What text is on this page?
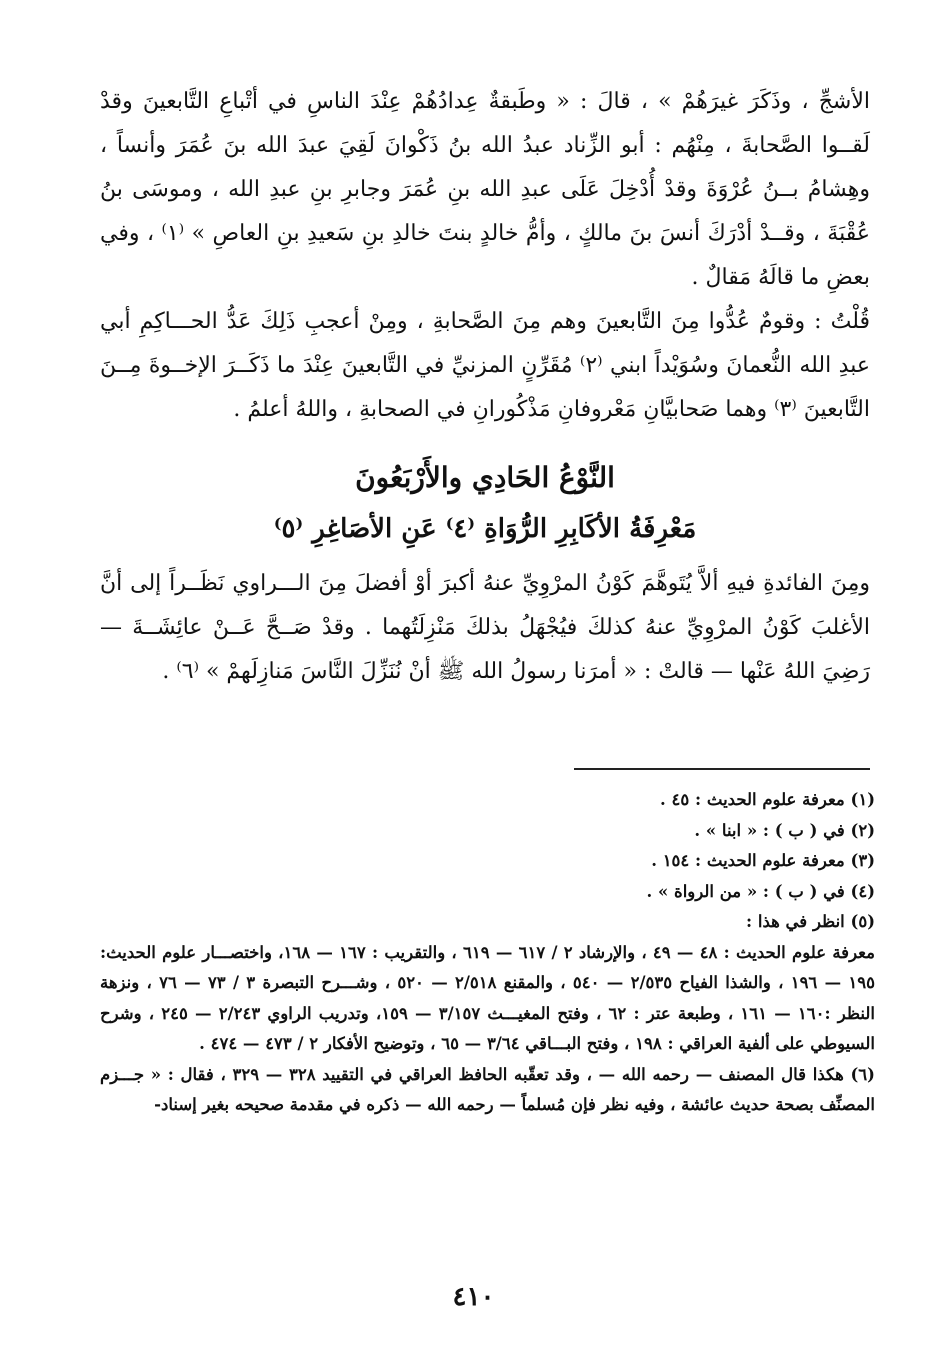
الأشجِّ ، وذَكَرَ غيرَهُمْ » ، قالَ : « وطَبقةٌ عِدادُهُمْ عِنْدَ الناسِ في أتْباعِ التَّابعينَ وقدْ لَقــوا الصَّحابةَ ، مِنْهُم : أبو الزِّناد عبدُ الله بنُ ذَكْوانَ لَقِيَ عبدَ الله بنَ عُمَرَ وأنساً ، وهِشامُ بــنُ عُرْوَةَ وقدْ أُدْخِلَ عَلَى عبدِ الله بنِ عُمَرَ وجابرِ بنِ عبدِ الله ، وموسَى بنُ عُقْبَةَ ، وقــدْ أدْرَكَ أنسَ بنَ مالكٍ ، وأمُّ خالدٍ بنتَ خالدِ بنِ سَعيدِ بنِ العاصِ » ⁽١⁾ ، وفي بعضِ ما قالَهُ مَقالٌ .

قُلْتُ : وقومٌ عُدُّوا مِنَ التَّابعينَ وهم مِنَ الصَّحابةِ ، ومِنْ أعجبِ ذَلِكَ عَدُّ الحـــاكِمِ أبي عبدِ الله النُّعمانَ وسُوَيْداً ابني ⁽٢⁾ مُقَرِّنٍ المزنيِّ في التَّابعينَ عِنْدَ ما ذَكَــرَ الإخــوةَ مِــنَ التَّابعينَ ⁽٣⁾ وهما صَحابيَّانِ مَعْروفانِ مَذْكُورانِ في الصحابةِ ، واللهُ أعلمُ .

النَّوْعُ الحَادِي والأَرْبَعُونَ
مَعْرِفَةُ الأكَابِرِ الرُّوَاةِ ⁽٤⁾ عَنِ الأصَاغِرِ ⁽٥⁾

ومِنَ الفائدةِ فيهِ ألاَّ يُتَوهَّمَ كَوْنُ المرْوِيِّ عنهُ أكبرَ أوْ أفضلَ مِنَ الـــراوي نَظَــراً إلى أنَّ الأغلبَ كَوْنُ المرْوِيِّ عنهُ كذلكَ فيُجْهَلُ بذلكَ مَنْزِلَتُهما . وقدْ صَــحَّ عَــنْ عائِشَــةَ — رَضِيَ اللهُ عَنْها — قالتْ : « أمرَنا رسولُ الله ﷺ أنْ نُنَزِّلَ النَّاسَ مَنازِلَهمْ » ⁽٦⁾ .

(١) معرفة علوم الحديث : ٤٥ .

(٢) في ( ب ) : « ابنا » .

(٣) معرفة علوم الحديث : ١٥٤ .

(٤) في ( ب ) : « من الرواة » .

(٥) انظر في هذا :

معرفة علوم الحديث : ٤٨ — ٤٩ ، والإرشاد ٢ / ٦١٧ — ٦١٩ ، والتقريب : ١٦٧ — ١٦٨، واختصـــار علوم الحديث: ١٩٥ — ١٩٦ ، والشذا الفياح ٢/٥٣٥ — ٥٤٠ ، والمقنع ٢/٥١٨ — ٥٢٠ ، وشـــرح التبصرة ٣ / ٧٣ — ٧٦ ، ونزهة النظر :١٦٠ — ١٦١ ، وطبعة عتر : ٦٢ ، وفتح المغيـــث ٣/١٥٧ — ١٥٩، وتدريب الراوي ٢/٢٤٣ — ٢٤٥ ، وشرح السيوطي على ألفية العراقي : ١٩٨ ، وفتح البـــاقي ٣/٦٤ — ٦٥ ، وتوضيح الأفكار ٢ / ٤٧٣ — ٤٧٤ .

(٦) هكذا قال المصنف — رحمه الله — ، وقد تعقّبه الحافظ العراقي في التقييد ٣٢٨ — ٣٢٩ ، فقال : « جـــزم المصنِّف بصحة حديث عائشة ، وفيه نظر فإن مُسلماً — رحمه الله — ذكره في مقدمة صحيحه بغير إسناد-

٤١٠
